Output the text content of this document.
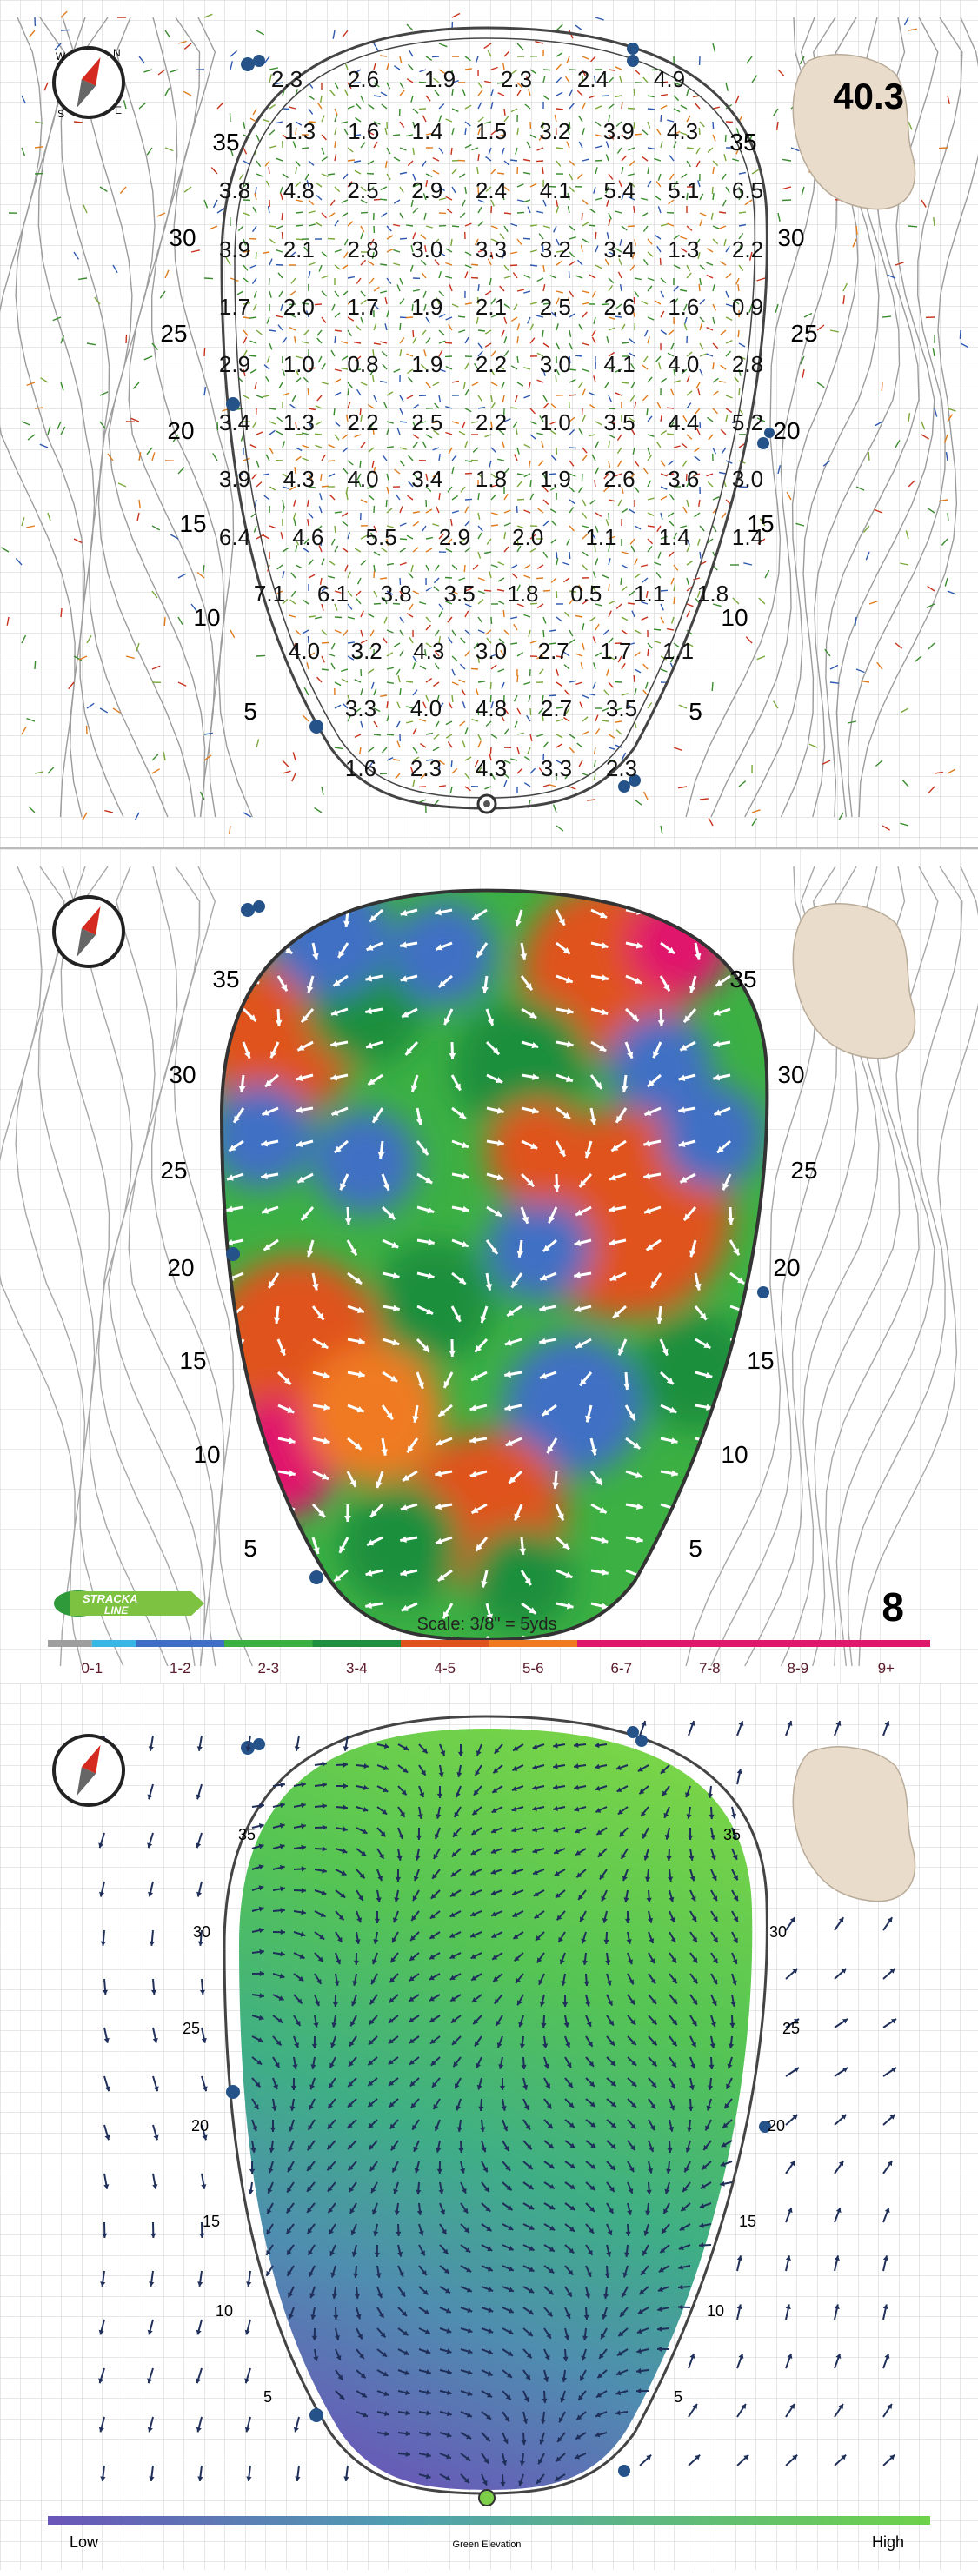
W	N
S	E	40.3
35	35
30	30
25	25
20	20
15	15
10	10
5	5
2.3 2.6 1.9 2.3 2.4 4.9
1.3 1.6 1.4 1.5 3.2 3.9 4.3
3.8 4.8 2.5 2.9 2.4 4.1 5.4 5.1 6.5
3.9 2.1 2.8 3.0 3.3 3.2 3.4 1.3 2.2
1.7 2.0 1.7 1.9 2.1 2.5 2.6 1.6 0.9
2.9 1.0 0.8 1.9 2.2 3.0 4.1 4.0 2.8
3.4 1.3 2.2 2.5 2.2 1.0 3.5 4.4 5.2
3.9 4.3 4.0 3.4 1.8 1.9 2.6 3.6 3.0
6.4 4.6 5.5 2.9 2.0 1.1 1.4 1.4
7.1 6.1 3.8 3.5 1.8 0.5 1.1 1.8
4.0 3.2 4.3 3.0 2.7 1.7 1.1
3.3 4.0 4.8 2.7 3.5
1.6 2.3 4.3 3.3 2.3
35	35
30	30
25	25
20	20
15	15
10	10
5	5
STRACKA
LINE	8
Scale: 3/8" = 5yds
0-1	1-2	2-3	3-4	4-5	5-6	6-7	7-8	8-9	9+
35	35
30	30
25	25
20	20
15	15
10	10
5	5
Low	Green Elevation	High
